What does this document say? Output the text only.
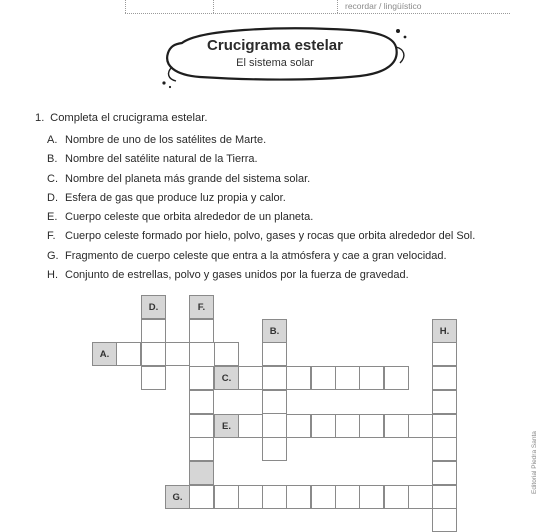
recordar / lingüístico
Crucigrama estelar
El sistema solar
1. Completa el crucigrama estelar.
A. Nombre de uno de los satélites de Marte.
B. Nombre del satélite natural de la Tierra.
C. Nombre del planeta más grande del sistema solar.
D. Esfera de gas que produce luz propia y calor.
E. Cuerpo celeste que orbita alrededor de un planeta.
F. Cuerpo celeste formado por hielo, polvo, gases y rocas que orbita alrededor del Sol.
G. Fragmento de cuerpo celeste que entra a la atmósfera y cae a gran velocidad.
H. Conjunto de estrellas, polvo y gases unidos por la fuerza de gravedad.
D.	F.
B.	H.
A.
C.
E.
G.
Editorial Piedra Santa
